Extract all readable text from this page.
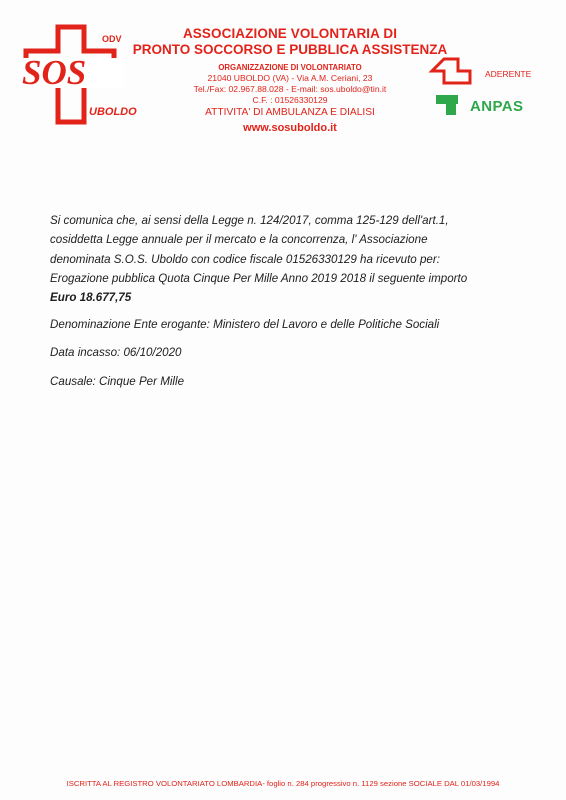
SOS
ODV
UBOLDO
ASSOCIAZIONE VOLONTARIA DI
PRONTO SOCCORSO E PUBBLICA ASSISTENZA
ORGANIZZAZIONE DI VOLONTARIATO
21040 UBOLDO (VA) - Via A.M. Ceriani, 23
Tel./Fax: 02.967.88.028 - E-mail: sos.uboldo@tin.it
C.F. : 01526330129
ATTIVITA' DI AMBULANZA E DIALISI
www.sosuboldo.it
ADERENTE
ANPAS

Si comunica che, ai sensi della Legge n. 124/2017, comma 125-129 dell'art.1,
cosiddetta Legge annuale per il mercato e la concorrenza, l' Associazione
denominata S.O.S. Uboldo con codice fiscale 01526330129 ha ricevuto per:
Erogazione pubblica Quota Cinque Per Mille Anno 2019 2018 il seguente importo
Euro 18.677,75

Denominazione Ente erogante: Ministero del Lavoro e delle Politiche Sociali
Data incasso: 06/10/2020
Causale: Cinque Per Mille
ISCRITTA AL REGISTRO VOLONTARIATO LOMBARDIA- foglio n. 284 progressivo n. 1129 sezione SOCIALE DAL 01/03/1994
